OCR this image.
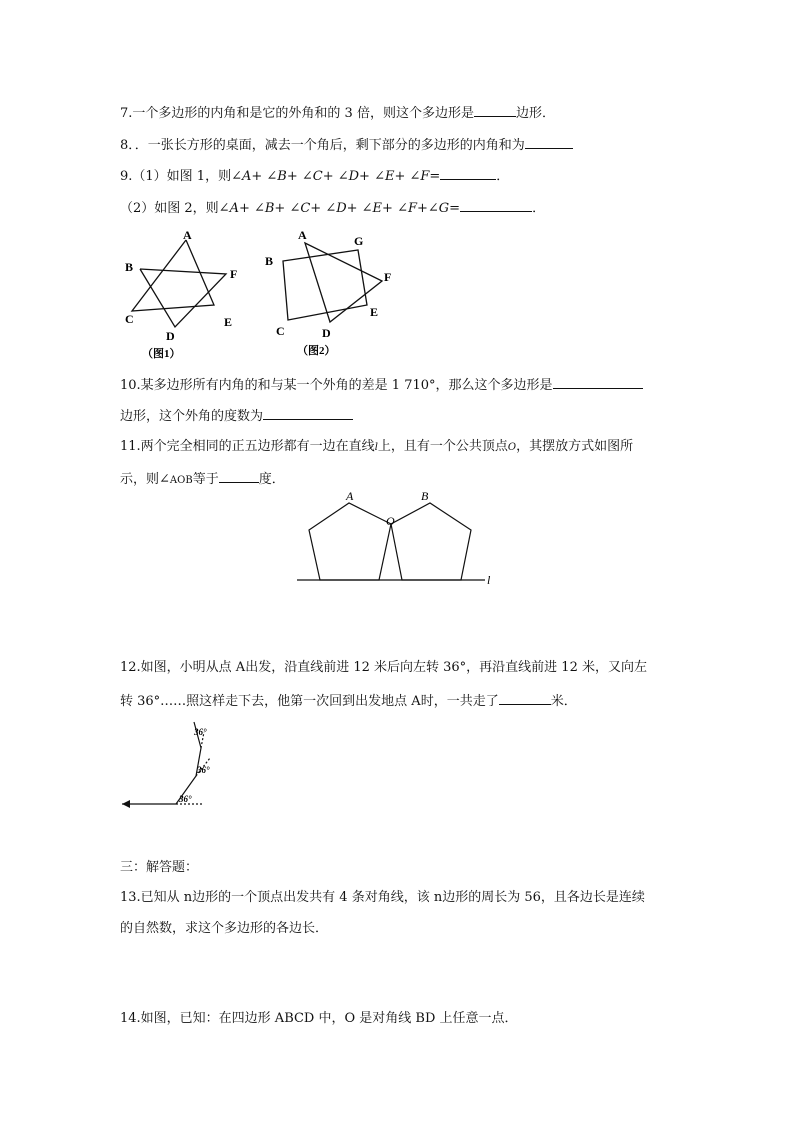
7.一个多边形的内角和是它的外角和的 3 倍，则这个多边形是	边形．
8．．一张长方形的桌面，减去一个角后，剩下部分的多边形的内角和为
9.（1）如图 1，则∠A+ ∠B+ ∠C+ ∠D+ ∠E+ ∠F=	．
（2）如图 2，则∠A+ ∠B+ ∠C+ ∠D+ ∠E+ ∠F+∠G=	．
A
B	F
C	E
D
（图1）
A	G
B
F
E
C	D
（图2）
10.某多边形所有内角的和与某一个外角的差是 1 710°，那么这个多边形是
边形，这个外角的度数为
11.两个完全相同的正五边形都有一边在直线l上，且有一个公共顶点O，其摆放方式如图所
示，则∠AOB等于	度．
A	B
O
l
12.如图，小明从点 A出发，沿直线前进 12 米后向左转 36°，再沿直线前进 12 米，又向左
转 36°……照这样走下去，他第一次回到出发地点 A时，一共走了	米．
36°
36°
36°
三：解答题：
13.已知从 n边形的一个顶点出发共有 4 条对角线，该 n边形的周长为 56，且各边长是连续
的自然数，求这个多边形的各边长．
14.如图，已知：在四边形 ABCD 中，O 是对角线 BD 上任意一点．
